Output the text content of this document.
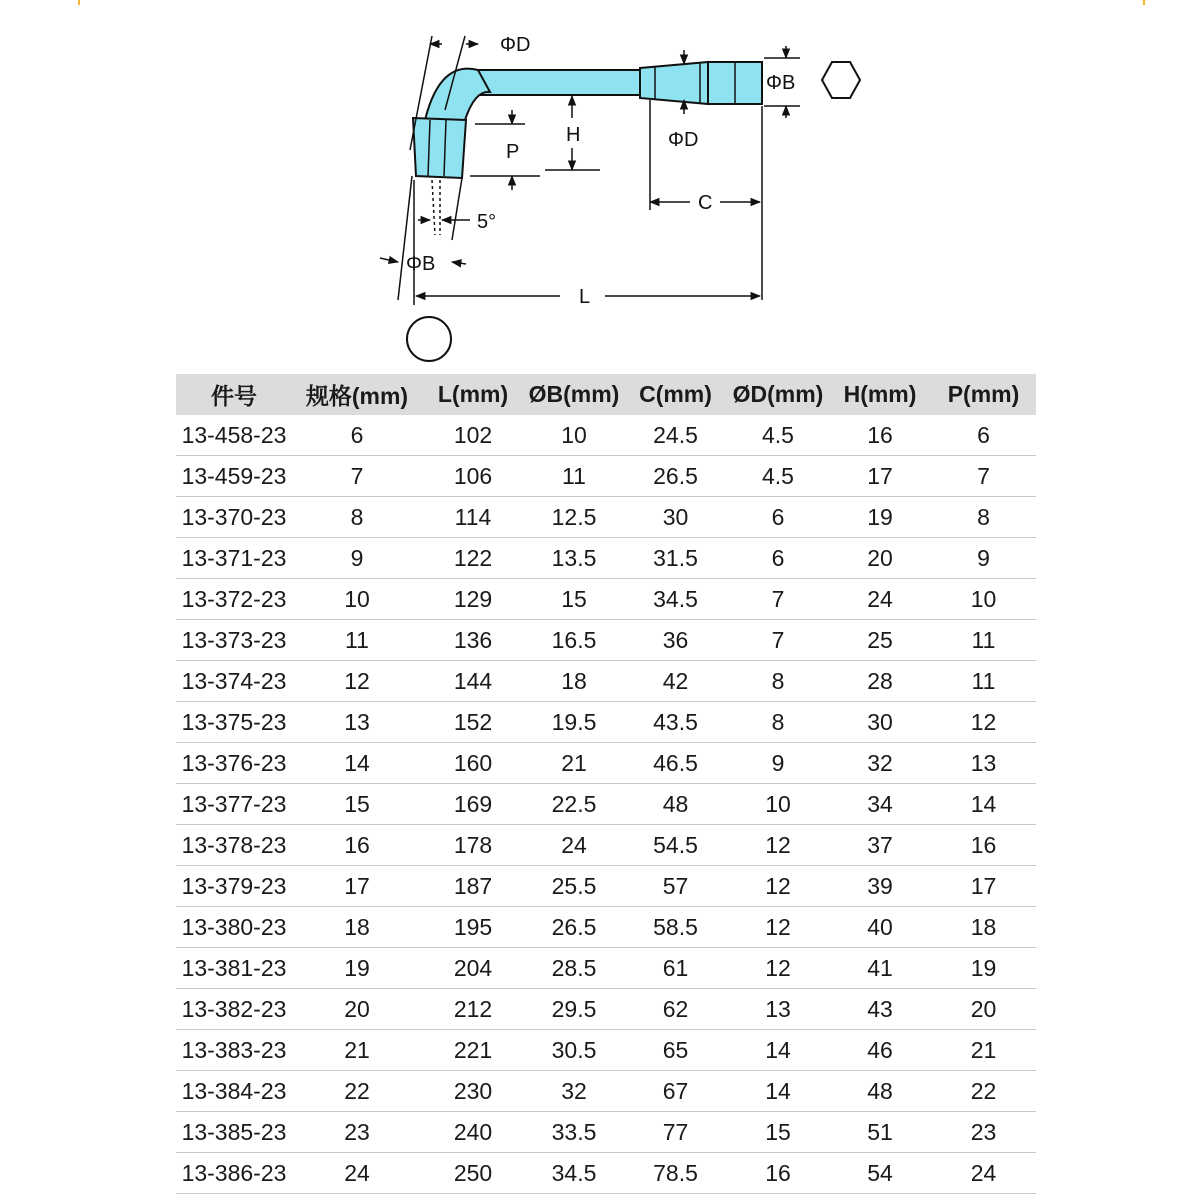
ΦD
ΦB
H
P
ΦD
C
5°
ΦB
L
件号	规格(mm)	L(mm)	ØB(mm)	C(mm)	ØD(mm)	H(mm)	P(mm)
13-458-23	6	102	10	24.5	4.5	16	6
13-459-23	7	106	11	26.5	4.5	17	7
13-370-23	8	114	12.5	30	6	19	8
13-371-23	9	122	13.5	31.5	6	20	9
13-372-23	10	129	15	34.5	7	24	10
13-373-23	11	136	16.5	36	7	25	11
13-374-23	12	144	18	42	8	28	11
13-375-23	13	152	19.5	43.5	8	30	12
13-376-23	14	160	21	46.5	9	32	13
13-377-23	15	169	22.5	48	10	34	14
13-378-23	16	178	24	54.5	12	37	16
13-379-23	17	187	25.5	57	12	39	17
13-380-23	18	195	26.5	58.5	12	40	18
13-381-23	19	204	28.5	61	12	41	19
13-382-23	20	212	29.5	62	13	43	20
13-383-23	21	221	30.5	65	14	46	21
13-384-23	22	230	32	67	14	48	22
13-385-23	23	240	33.5	77	15	51	23
13-386-23	24	250	34.5	78.5	16	54	24
